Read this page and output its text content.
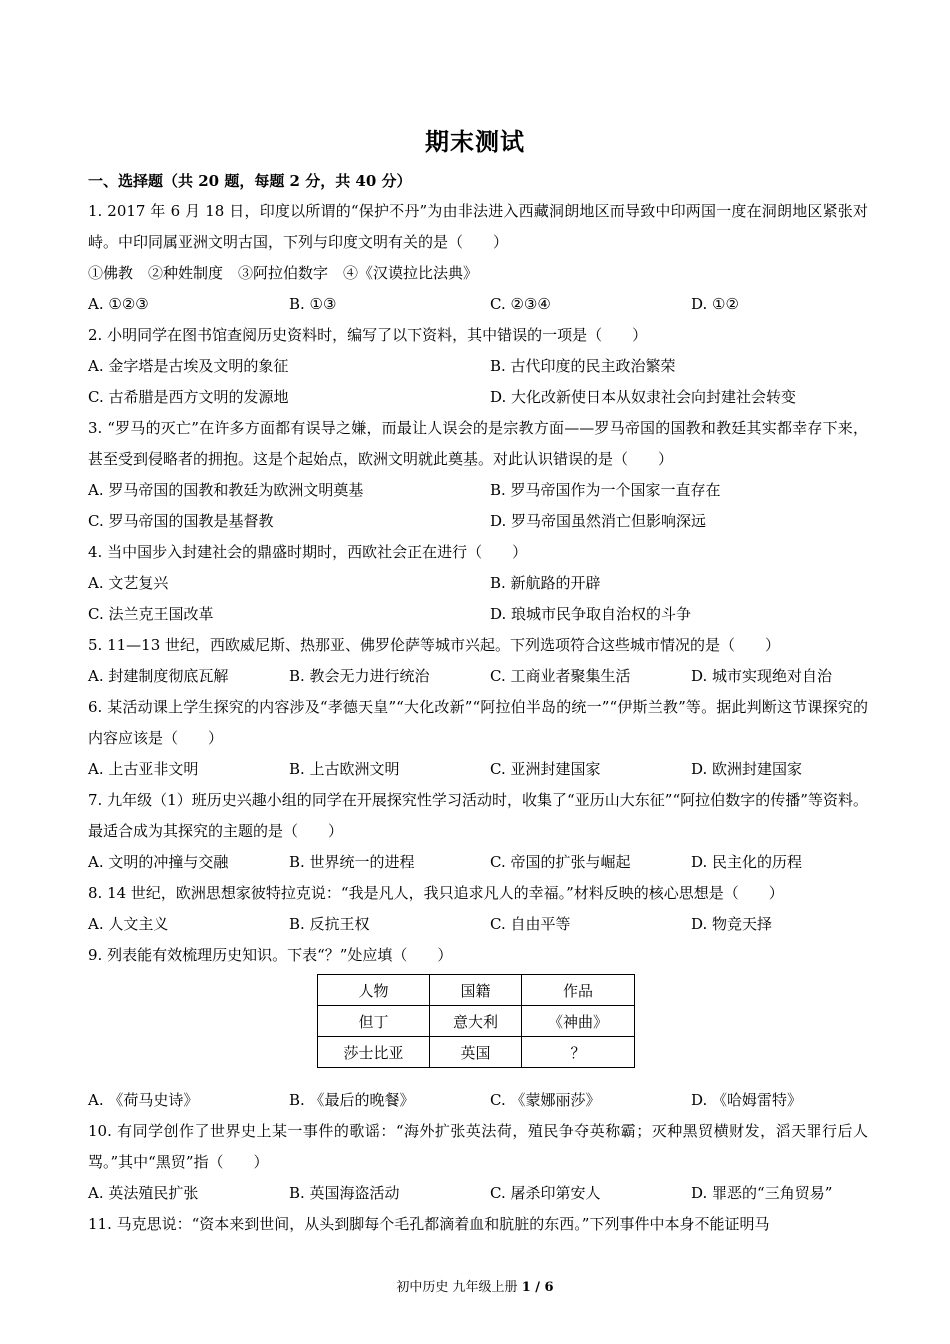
期末测试
一、选择题（共 20 题，每题 2 分，共 40 分）
1. 2017 年 6 月 18 日，印度以所谓的“保护不丹”为由非法进入西藏洞朗地区而导致中印两国一度在洞朗地区紧张对峙。中印同属亚洲文明古国，下列与印度文明有关的是（　　）
①佛教　②种姓制度　③阿拉伯数字　④《汉谟拉比法典》
A. ①②③	B. ①③	C. ②③④	D. ①②
2. 小明同学在图书馆查阅历史资料时，编写了以下资料，其中错误的一项是（　　）
A. 金字塔是古埃及文明的象征	B. 古代印度的民主政治繁荣
C. 古希腊是西方文明的发源地	D. 大化改新使日本从奴隶社会向封建社会转变
3. “罗马的灭亡”在许多方面都有误导之嫌，而最让人误会的是宗教方面——罗马帝国的国教和教廷其实都幸存下来，甚至受到侵略者的拥抱。这是个起始点，欧洲文明就此奠基。对此认识错误的是（　　）
A. 罗马帝国的国教和教廷为欧洲文明奠基	B. 罗马帝国作为一个国家一直存在
C. 罗马帝国的国教是基督教	D. 罗马帝国虽然消亡但影响深远
4. 当中国步入封建社会的鼎盛时期时，西欧社会正在进行（　　）
A. 文艺复兴	B. 新航路的开辟
C. 法兰克王国改革	D. 琅城市民争取自治权的斗争
5. 11—13 世纪，西欧威尼斯、热那亚、佛罗伦萨等城市兴起。下列选项符合这些城市情况的是（　　）
A. 封建制度彻底瓦解	B. 教会无力进行统治	C. 工商业者聚集生活	D. 城市实现绝对自治
6. 某活动课上学生探究的内容涉及“孝德天皇”“大化改新”“阿拉伯半岛的统一”“伊斯兰教”等。据此判断这节课探究的内容应该是（　　）
A. 上古亚非文明	B. 上古欧洲文明	C. 亚洲封建国家	D. 欧洲封建国家
7. 九年级（1）班历史兴趣小组的同学在开展探究性学习活动时，收集了“亚历山大东征”“阿拉伯数字的传播”等资料。最适合成为其探究的主题的是（　　）
A. 文明的冲撞与交融	B. 世界统一的进程	C. 帝国的扩张与崛起	D. 民主化的历程
8. 14 世纪，欧洲思想家彼特拉克说：“我是凡人，我只追求凡人的幸福。”材料反映的核心思想是（　　）
A. 人文主义	B. 反抗王权	C. 自由平等	D. 物竞天择
9. 列表能有效梳理历史知识。下表“？”处应填（　　）
人物	国籍	作品
但丁	意大利	《神曲》
莎士比亚	英国	？
A. 《荷马史诗》	B. 《最后的晚餐》	C. 《蒙娜丽莎》	D. 《哈姆雷特》
10. 有同学创作了世界史上某一事件的歌谣：“海外扩张英法荷，殖民争夺英称霸；灭种黑贸横财发，滔天罪行后人骂。”其中“黑贸”指（　　）
A. 英法殖民扩张	B. 英国海盗活动	C. 屠杀印第安人	D. 罪恶的“三角贸易”
11. 马克思说：“资本来到世间，从头到脚每个毛孔都滴着血和肮脏的东西。”下列事件中本身不能证明马
初中历史 九年级上册 1 / 6
